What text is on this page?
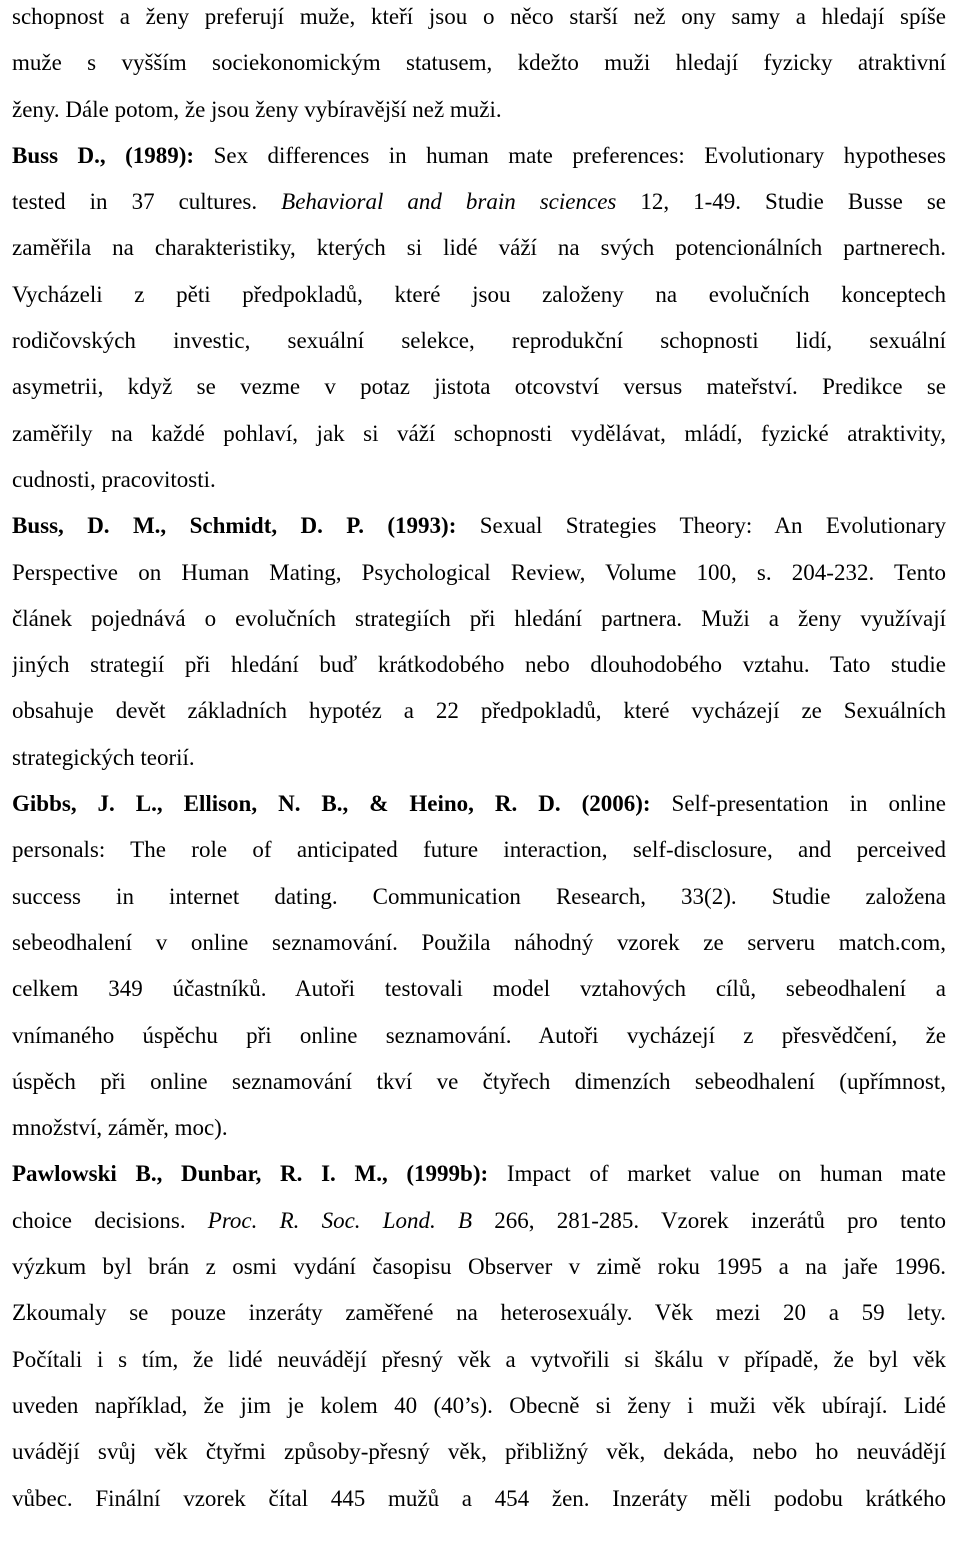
schopnost a ženy preferují muže, kteří jsou o něco starší než ony samy a hledají spíše
muže s vyšším sociekonomickým statusem, kdežto muži hledají fyzicky atraktivní
ženy. Dále potom, že jsou ženy vybíravější než muži.
Buss D., (1989): Sex differences in human mate preferences: Evolutionary hypotheses
tested in 37 cultures. Behavioral and brain sciences 12, 1-49. Studie Busse se
zaměřila na charakteristiky, kterých si lidé váží na svých potencionálních partnerech.
Vycházeli z pěti předpokladů, které jsou založeny na evolučních konceptech
rodičovských investic, sexuální selekce, reprodukční schopnosti lidí, sexuální
asymetrii, když se vezme v potaz jistota otcovství versus mateřství. Predikce se
zaměřily na každé pohlaví, jak si váží schopnosti vydělávat, mládí, fyzické atraktivity,
cudnosti, pracovitosti.
Buss, D. M., Schmidt, D. P. (1993): Sexual Strategies Theory: An Evolutionary
Perspective on Human Mating, Psychological Review, Volume 100, s. 204-232. Tento
článek pojednává o evolučních strategiích při hledání partnera. Muži a ženy využívají
jiných strategií při hledání buď krátkodobého nebo dlouhodobého vztahu. Tato studie
obsahuje devět základních hypotéz a 22 předpokladů, které vycházejí ze Sexuálních
strategických teorií.
Gibbs, J. L., Ellison, N. B., & Heino, R. D. (2006): Self-presentation in online
personals: The role of anticipated future interaction, self-disclosure, and perceived
success in internet dating. Communication Research, 33(2). Studie založena
sebeodhalení v online seznamování. Použila náhodný vzorek ze serveru match.com,
celkem 349 účastníků. Autoři testovali model vztahových cílů, sebeodhalení a
vnímaného úspěchu při online seznamování. Autoři vycházejí z přesvědčení, že
úspěch při online seznamování tkví ve čtyřech dimenzích sebeodhalení (upřímnost,
množství, záměr, moc).
Pawlowski B., Dunbar, R. I. M., (1999b): Impact of market value on human mate
choice decisions. Proc. R. Soc. Lond. B 266, 281-285. Vzorek inzerátů pro tento
výzkum byl brán z osmi vydání časopisu Observer v zimě roku 1995 a na jaře 1996.
Zkoumaly se pouze inzeráty zaměřené na heterosexuály. Věk mezi 20 a 59 lety.
Počítali i s tím, že lidé neuvádějí přesný věk a vytvořili si škálu v případě, že byl věk
uveden například, že jim je kolem 40 (40’s). Obecně si ženy i muži věk ubírají. Lidé
uvádějí svůj věk čtyřmi způsoby-přesný věk, přibližný věk, dekáda, nebo ho neuvádějí
vůbec. Finální vzorek čítal 445 mužů a 454 žen. Inzeráty měli podobu krátkého
